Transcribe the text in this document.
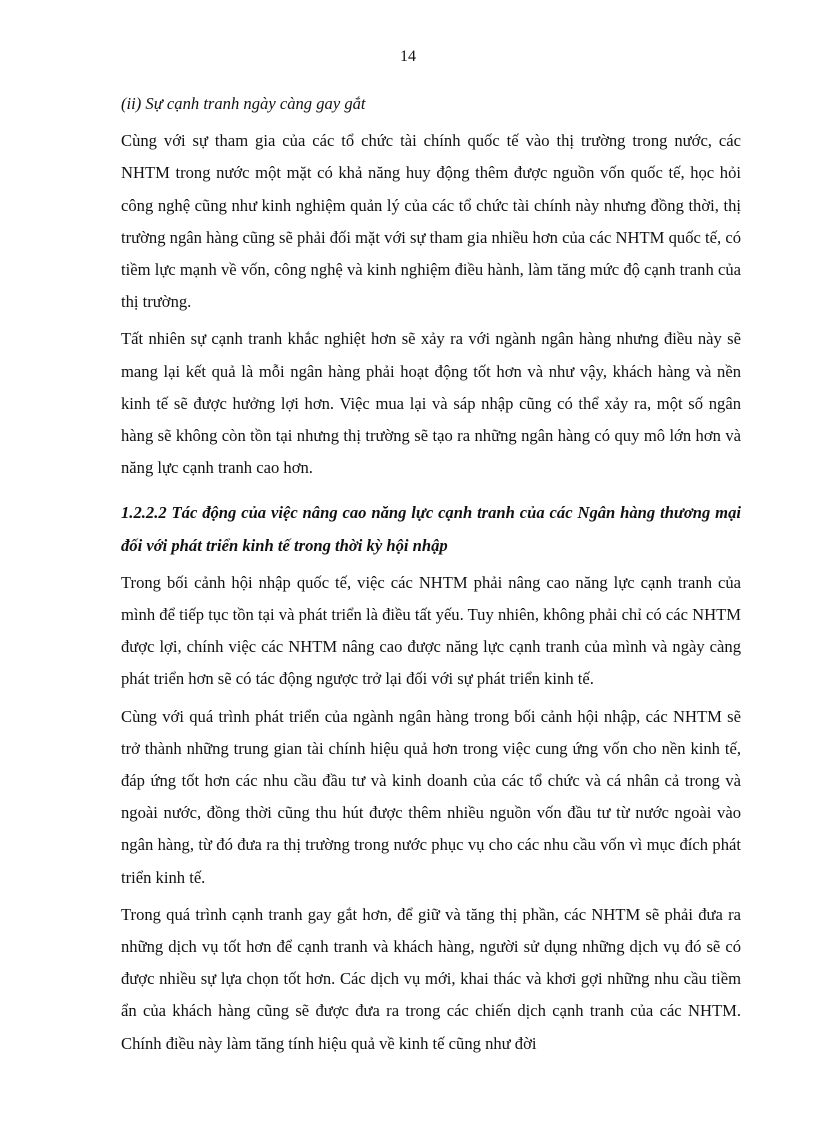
14

(ii) Sự cạnh tranh ngày càng gay gắt

Cùng với sự tham gia của các tổ chức tài chính quốc tế vào thị trường trong nước, các NHTM trong nước một mặt có khả năng huy động thêm được nguồn vốn quốc tế, học hỏi công nghệ cũng như kinh nghiệm quản lý của các tổ chức tài chính này nhưng đồng thời, thị trường ngân hàng cũng sẽ phải đối mặt với sự tham gia nhiều hơn của các NHTM quốc tế, có tiềm lực mạnh về vốn, công nghệ và kinh nghiệm điều hành, làm tăng mức độ cạnh tranh của thị trường.

Tất nhiên sự cạnh tranh khắc nghiệt hơn sẽ xảy ra với ngành ngân hàng nhưng điều này sẽ mang lại kết quả là mỗi ngân hàng phải hoạt động tốt hơn và như vậy, khách hàng và nền kinh tế sẽ được hưởng lợi hơn. Việc mua lại và sáp nhập cũng có thể xảy ra, một số ngân hàng sẽ không còn tồn tại nhưng thị trường sẽ tạo ra những ngân hàng có quy mô lớn hơn và năng lực cạnh tranh cao hơn.

1.2.2.2 Tác động của việc nâng cao năng lực cạnh tranh của các Ngân hàng thương mại đối với phát triển kinh tế trong thời kỳ hội nhập

Trong bối cảnh hội nhập quốc tế, việc các NHTM phải nâng cao năng lực cạnh tranh của mình để tiếp tục tồn tại và phát triển là điều tất yếu. Tuy nhiên, không phải chỉ có các NHTM được lợi, chính việc các NHTM nâng cao được năng lực cạnh tranh của mình và ngày càng phát triển hơn sẽ có tác động ngược trở lại đối với sự phát triển kinh tế.

Cùng với quá trình phát triển của ngành ngân hàng trong bối cảnh hội nhập, các NHTM sẽ trở thành những trung gian tài chính hiệu quả hơn trong việc cung ứng vốn cho nền kinh tế, đáp ứng tốt hơn các nhu cầu đầu tư và kinh doanh của các tổ chức và cá nhân cả trong và ngoài nước, đồng thời cũng thu hút được thêm nhiều nguồn vốn đầu tư từ nước ngoài vào ngân hàng, từ đó đưa ra thị trường trong nước phục vụ cho các nhu cầu vốn vì mục đích phát triển kinh tế.

Trong quá trình cạnh tranh gay gắt hơn, để giữ và tăng thị phần, các NHTM sẽ phải đưa ra những dịch vụ tốt hơn để cạnh tranh và khách hàng, người sử dụng những dịch vụ đó sẽ có được nhiều sự lựa chọn tốt hơn. Các dịch vụ mới, khai thác và khơi gợi những nhu cầu tiềm ẩn của khách hàng cũng sẽ được đưa ra trong các chiến dịch cạnh tranh của các NHTM. Chính điều này làm tăng tính hiệu quả về kinh tế cũng như đời
